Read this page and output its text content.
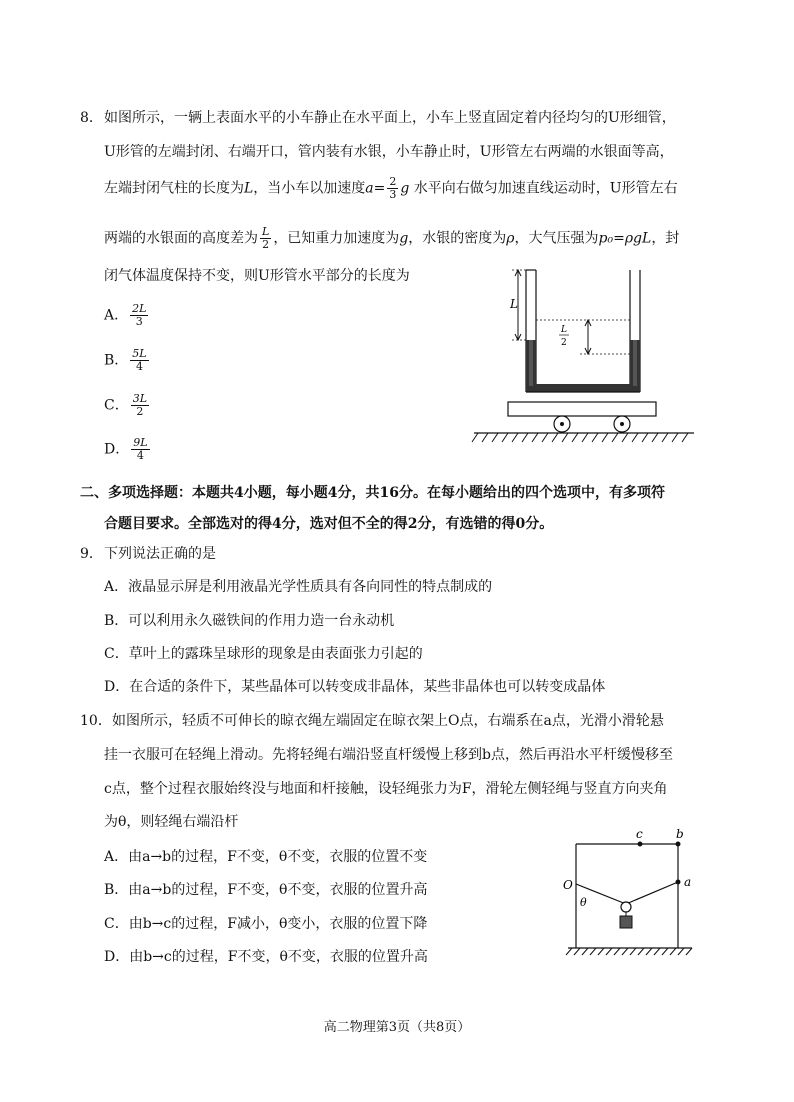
8． 如图所示，一辆上表面水平的小车静止在水平面上，小车上竖直固定着内径均匀的U形细管，
U形管的左端封闭、右端开口，管内装有水银，小车静止时，U形管左右两端的水银面等高，
左端封闭气柱的长度为L，当小车以加速度$a= \frac{2}{3}$ g 水平向右做匀加速直线运动时，U形管左右
两端的水银面的高度差为 $\frac{L}{2}$ ，已知重力加速度为g，水银的密度为ρ，大气压强为p₀=ρgL，封
闭气体温度保持不变，则U形管水平部分的长度为
A． $\frac{2L}{3}$
B． $\frac{5L}{4}$
C． $\frac{3L}{2}$
D． $\frac{9L}{4}$
L
L
2
二、多项选择题：本题共4小题，每小题4分，共16分。在每小题给出的四个选项中，有多项符
合题目要求。全部选对的得4分，选对但不全的得2分，有选错的得0分。
9． 下列说法正确的是
A．液晶显示屏是利用液晶光学性质具有各向同性的特点制成的
B．可以利用永久磁铁间的作用力造一台永动机
C．草叶上的露珠呈球形的现象是由表面张力引起的
D．在合适的条件下，某些晶体可以转变成非晶体，某些非晶体也可以转变成晶体
10． 如图所示，轻质不可伸长的晾衣绳左端固定在晾衣架上O点，右端系在a点，光滑小滑轮悬
挂一衣服可在轻绳上滑动。先将轻绳右端沿竖直杆缓慢上移到b点，然后再沿水平杆缓慢移至
c点，整个过程衣服始终没与地面和杆接触，设轻绳张力为F，滑轮左侧轻绳与竖直方向夹角
为θ，则轻绳右端沿杆
A．由a→b的过程，F不变，θ不变，衣服的位置不变
B．由a→b的过程，F不变，θ不变，衣服的位置升高
C．由b→c的过程，F减小，θ变小，衣服的位置下降
D．由b→c的过程，F不变，θ不变，衣服的位置升高
c	b
O	a
θ
高二物理第3页（共8页）
